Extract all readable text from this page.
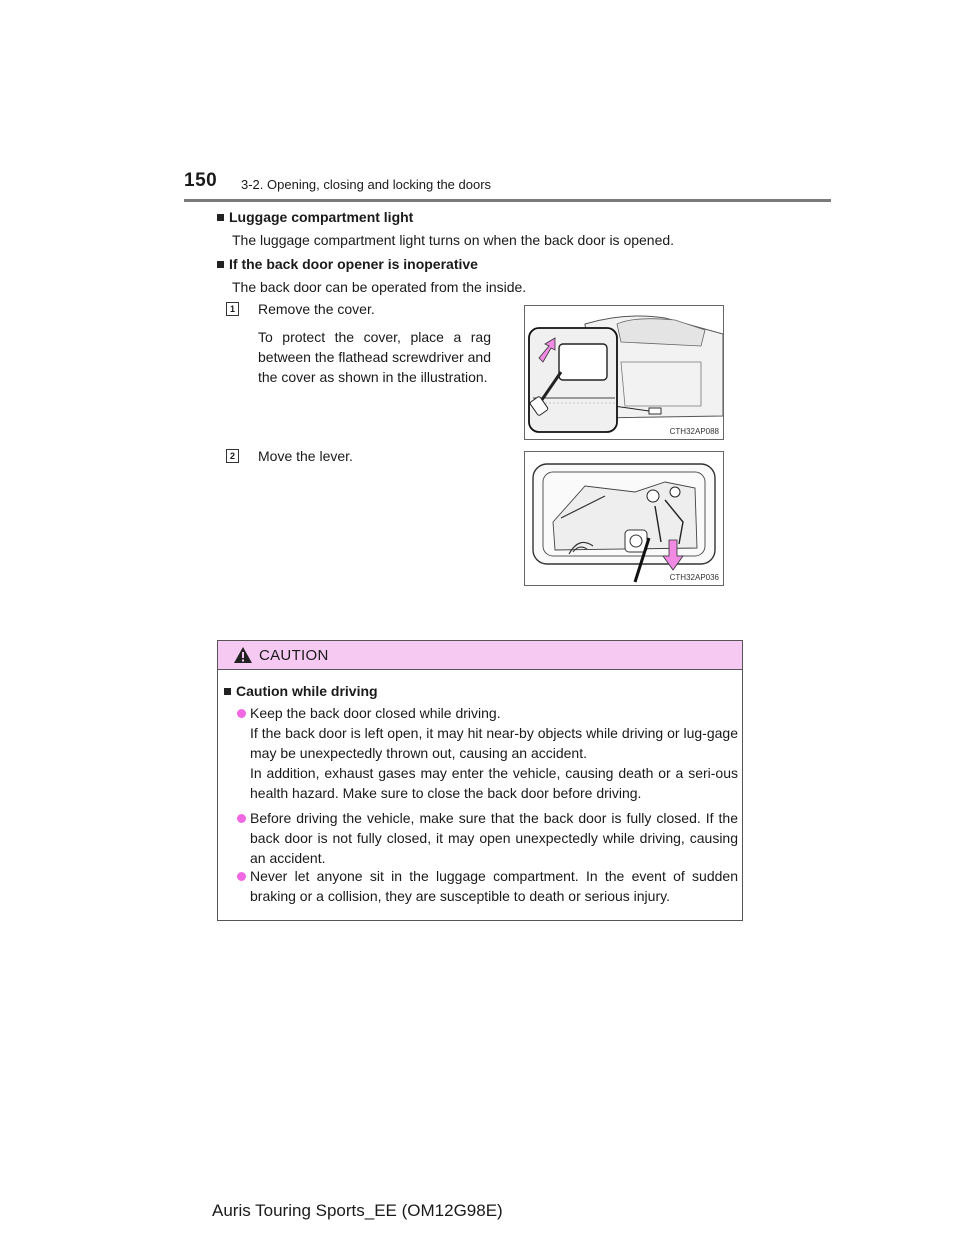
150 3-2. Opening, closing and locking the doors
Luggage compartment light
The luggage compartment light turns on when the back door is opened.
If the back door opener is inoperative
The back door can be operated from the inside.
1 Remove the cover.
To protect the cover, place a rag between the flathead screwdriver and the cover as shown in the illustration.
CTH32AP088
2 Move the lever.
CTH32AP036
CAUTION
Caution while driving
Keep the back door closed while driving.
If the back door is left open, it may hit near-by objects while driving or lug-gage may be unexpectedly thrown out, causing an accident.
In addition, exhaust gases may enter the vehicle, causing death or a seri-ous health hazard. Make sure to close the back door before driving.
Before driving the vehicle, make sure that the back door is fully closed. If the back door is not fully closed, it may open unexpectedly while driving, causing an accident.
Never let anyone sit in the luggage compartment. In the event of sudden braking or a collision, they are susceptible to death or serious injury.
Auris Touring Sports_EE (OM12G98E)
